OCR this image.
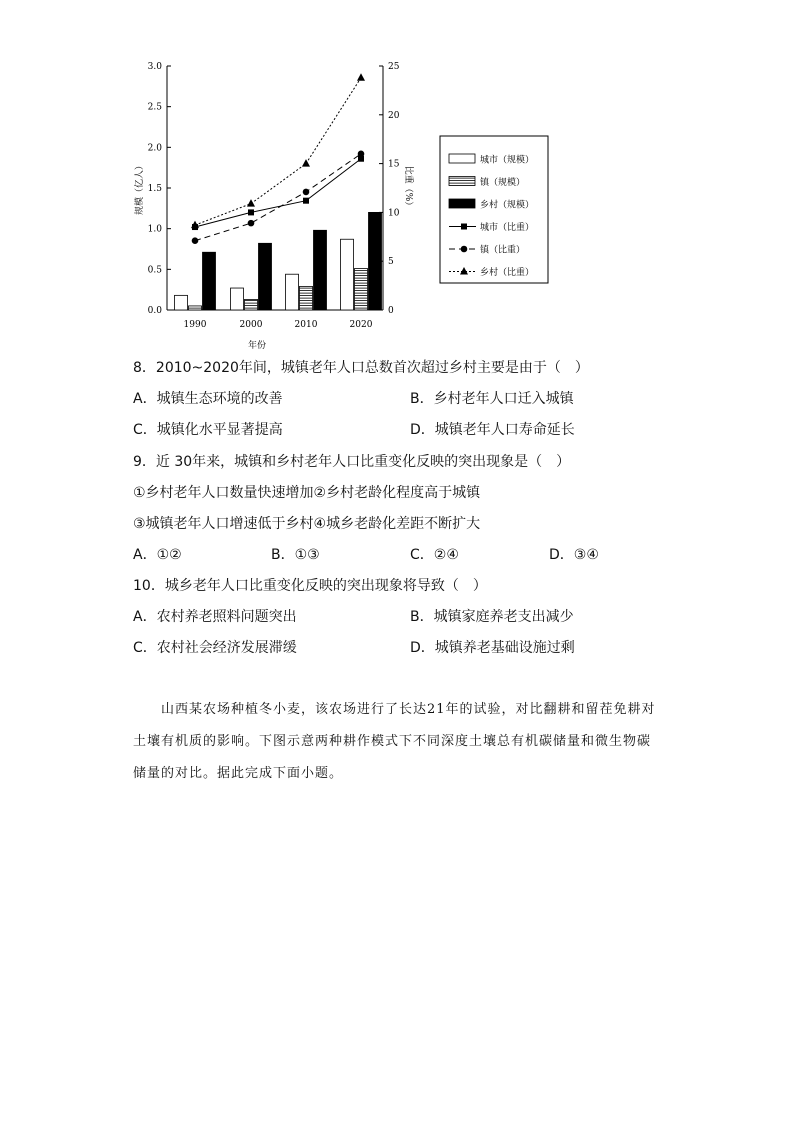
0.0
0.5
1.0
1.5
2.0
2.5
3.0
0
5
10
15
20
25
1990	2000	2010	2020
年份
规模（亿人）	比重（%）
城市（规模）
镇（规模）
乡村（规模）
城市（比重）
镇（比重）
乡村（比重）
8．2010~2020年间，城镇老年人口总数首次超过乡村主要是由于（　）
A．城镇生态环境的改善	B．乡村老年人口迁入城镇
C．城镇化水平显著提高	D．城镇老年人口寿命延长
9．近 30年来，城镇和乡村老年人口比重变化反映的突出现象是（　）
①乡村老年人口数量快速增加②乡村老龄化程度高于城镇
③城镇老年人口增速低于乡村④城乡老龄化差距不断扩大
A．①②	B．①③	C．②④	D．③④
10．城乡老年人口比重变化反映的突出现象将导致（　）
A．农村养老照料问题突出	B．城镇家庭养老支出减少
C．农村社会经济发展滞缓	D．城镇养老基础设施过剩
山西某农场种植冬小麦，该农场进行了长达21年的试验，对比翻耕和留茬免耕对土壤有机质的影响。下图示意两种耕作模式下不同深度土壤总有机碳储量和微生物碳储量的对比。据此完成下面小题。
